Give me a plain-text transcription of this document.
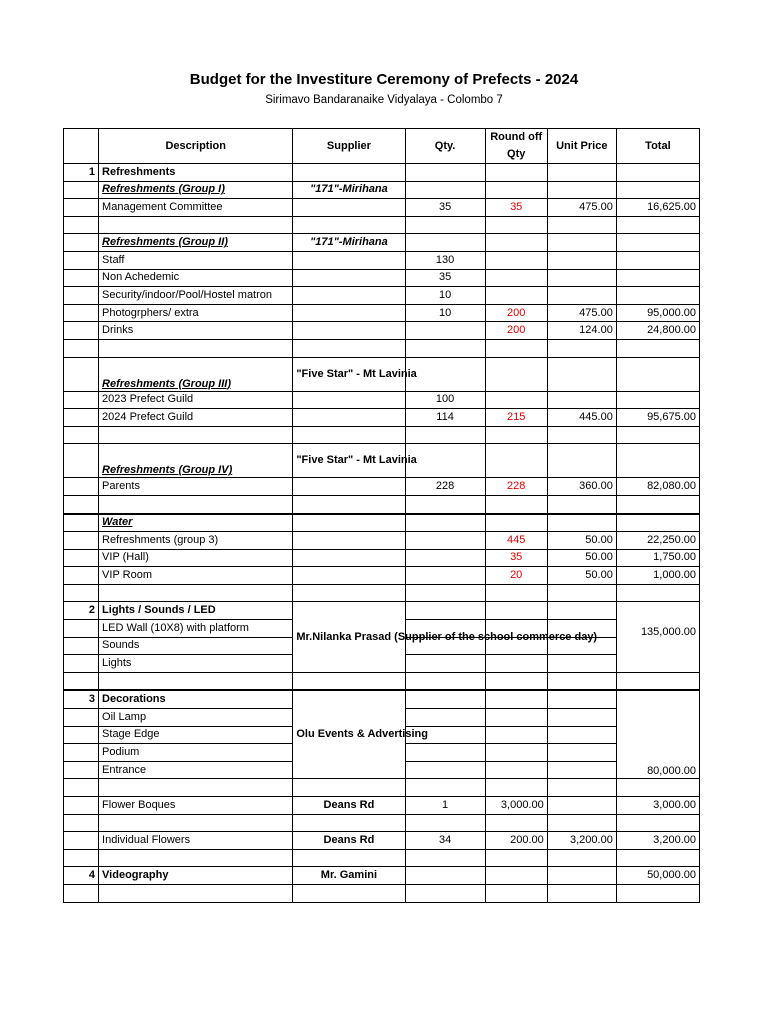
Budget for the Investiture Ceremony of Prefects - 2024
Sirimavo Bandaranaike Vidyalaya - Colombo 7
	Description	Supplier	Qty.	Round off Qty	Unit Price	Total
1	Refreshments					
	Refreshments (Group I)	"171"-Mirihana				
	Management Committee		35	35	475.00	16,625.00

	Refreshments (Group II)	"171"-Mirihana				
	Staff		130			
	Non Achedemic		35			
	Security/indoor/Pool/Hostel matron		10			
	Photogrphers/ extra		10	200	475.00	95,000.00
	Drinks			200	124.00	24,800.00

	Refreshments (Group III)	"Five Star" - Mt Lavinia				
	2023 Prefect Guild		100			
	2024 Prefect Guild		114	215	445.00	95,675.00

	Refreshments (Group IV)	"Five Star" - Mt Lavinia				
	Parents		228	228	360.00	82,080.00

	Water					
	Refreshments (group 3)			445	50.00	22,250.00
	VIP (Hall)			35	50.00	1,750.00
	VIP Room			20	50.00	1,000.00

2	Lights / Sounds / LED	Mr.Nilanka Prasad (Supplier of the school commerce day)				135,000.00
	LED Wall (10X8) with platform					
	Sounds					
	Lights					

3	Decorations	Olu Events & Advertising				80,000.00
	Oil Lamp					
	Stage Edge					
	Podium					
	Entrance					

	Flower Boques	Deans Rd	1	3,000.00		3,000.00

	Individual Flowers	Deans Rd	34	200.00	3,200.00	3,200.00

4	Videography	Mr. Gamini				50,000.00
